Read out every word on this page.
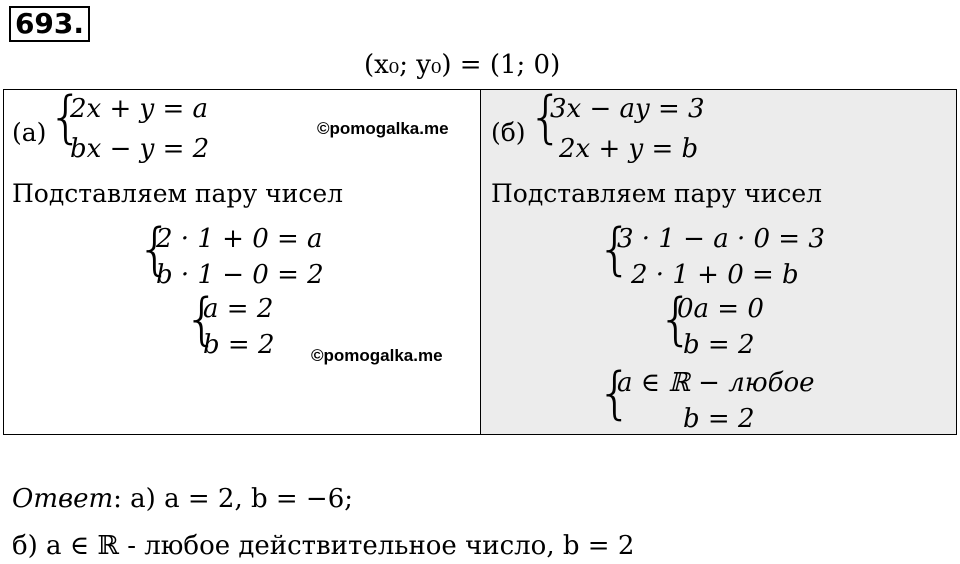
693.
(x₀; y₀) = (1; 0)
(а) {
2x + y = a
bx − y = 2
©pomogalka.me
Подставляем пару чисел
{
2 · 1 + 0 = a
b · 1 − 0 = 2
{
a = 2
b = 2 ©pomogalka.me
(б) {
3x − ay = 3
2x + y = b
Подставляем пару чисел
{
3 · 1 − a · 0 = 3
2 · 1 + 0 = b
{
0a = 0
b = 2
{
a ∈ ℝ − любое
b = 2
Ответ: а) a = 2, b = −6;
б) a ∈ ℝ - любое действительное число, b = 2
